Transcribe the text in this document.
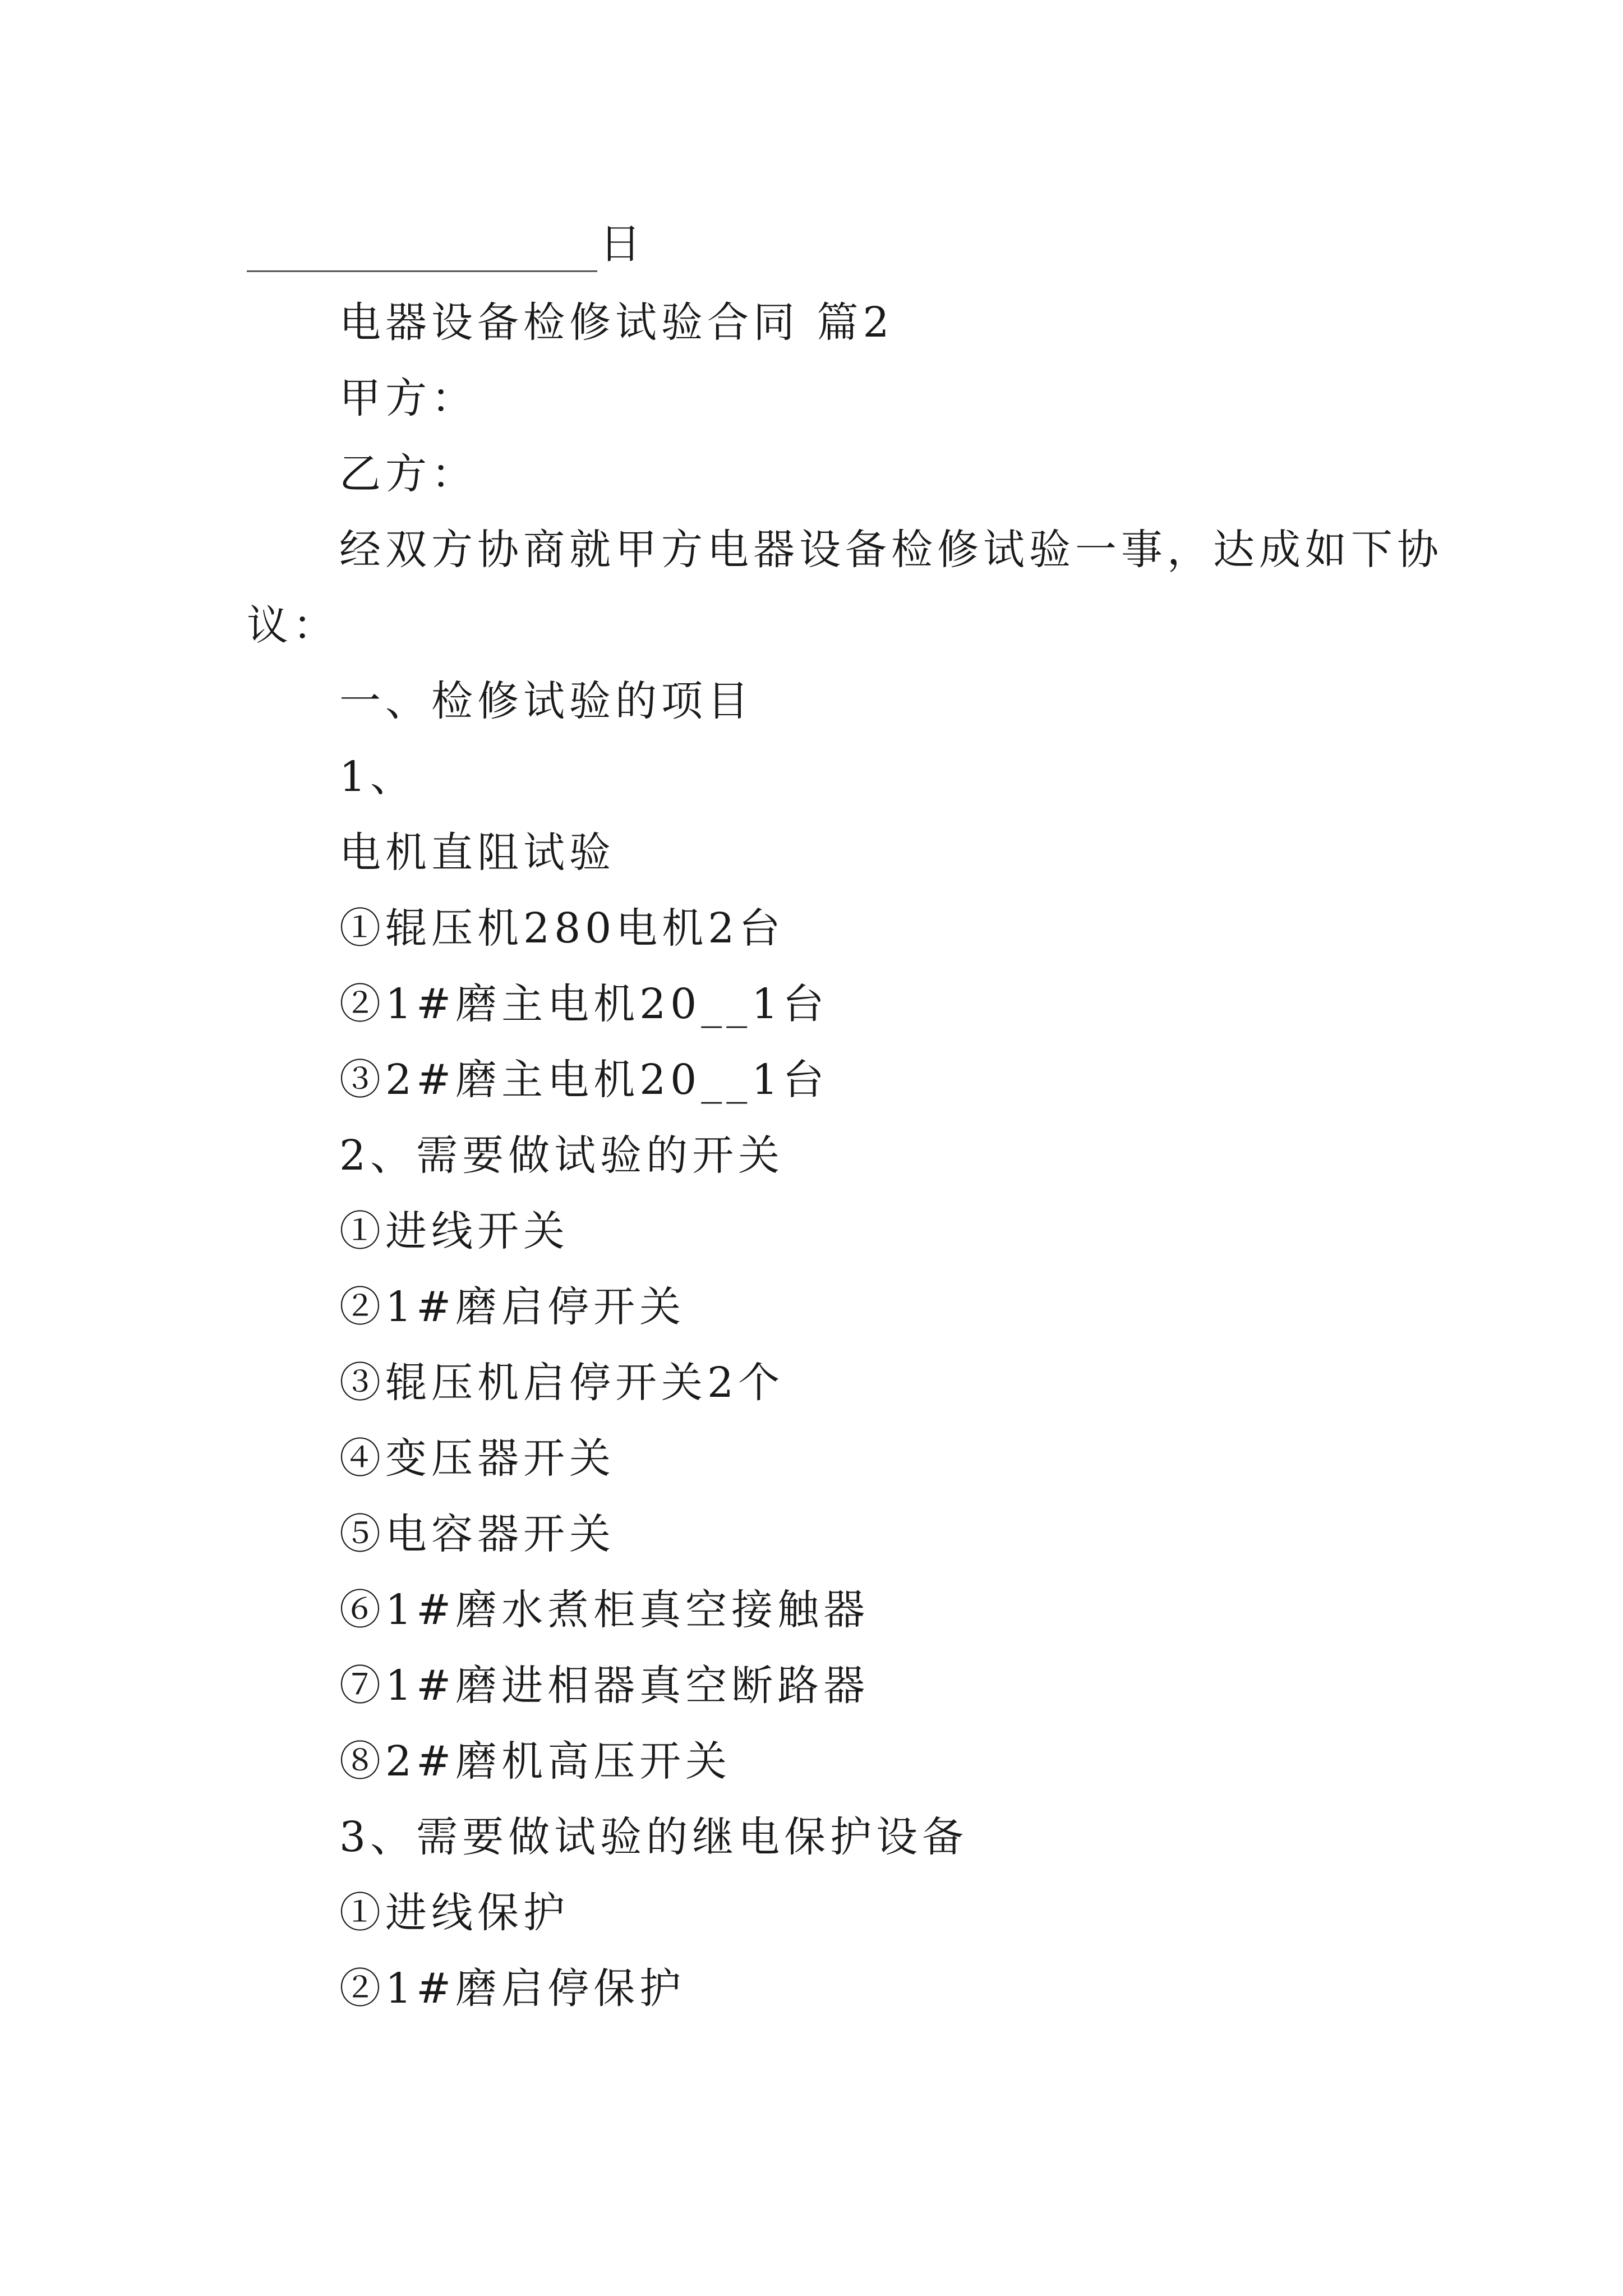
日
电器设备检修试验合同 篇2
甲方：
乙方：
经双方协商就甲方电器设备检修试验一事，达成如下协
议：
一、检修试验的项目
1、
电机直阻试验
①辊压机280电机2台
②1#磨主电机20__1台
③2#磨主电机20__1台
2、需要做试验的开关
①进线开关
②1#磨启停开关
③辊压机启停开关2个
④变压器开关
⑤电容器开关
⑥1#磨水煮柜真空接触器
⑦1#磨进相器真空断路器
⑧2#磨机高压开关
3、需要做试验的继电保护设备
①进线保护
②1#磨启停保护
